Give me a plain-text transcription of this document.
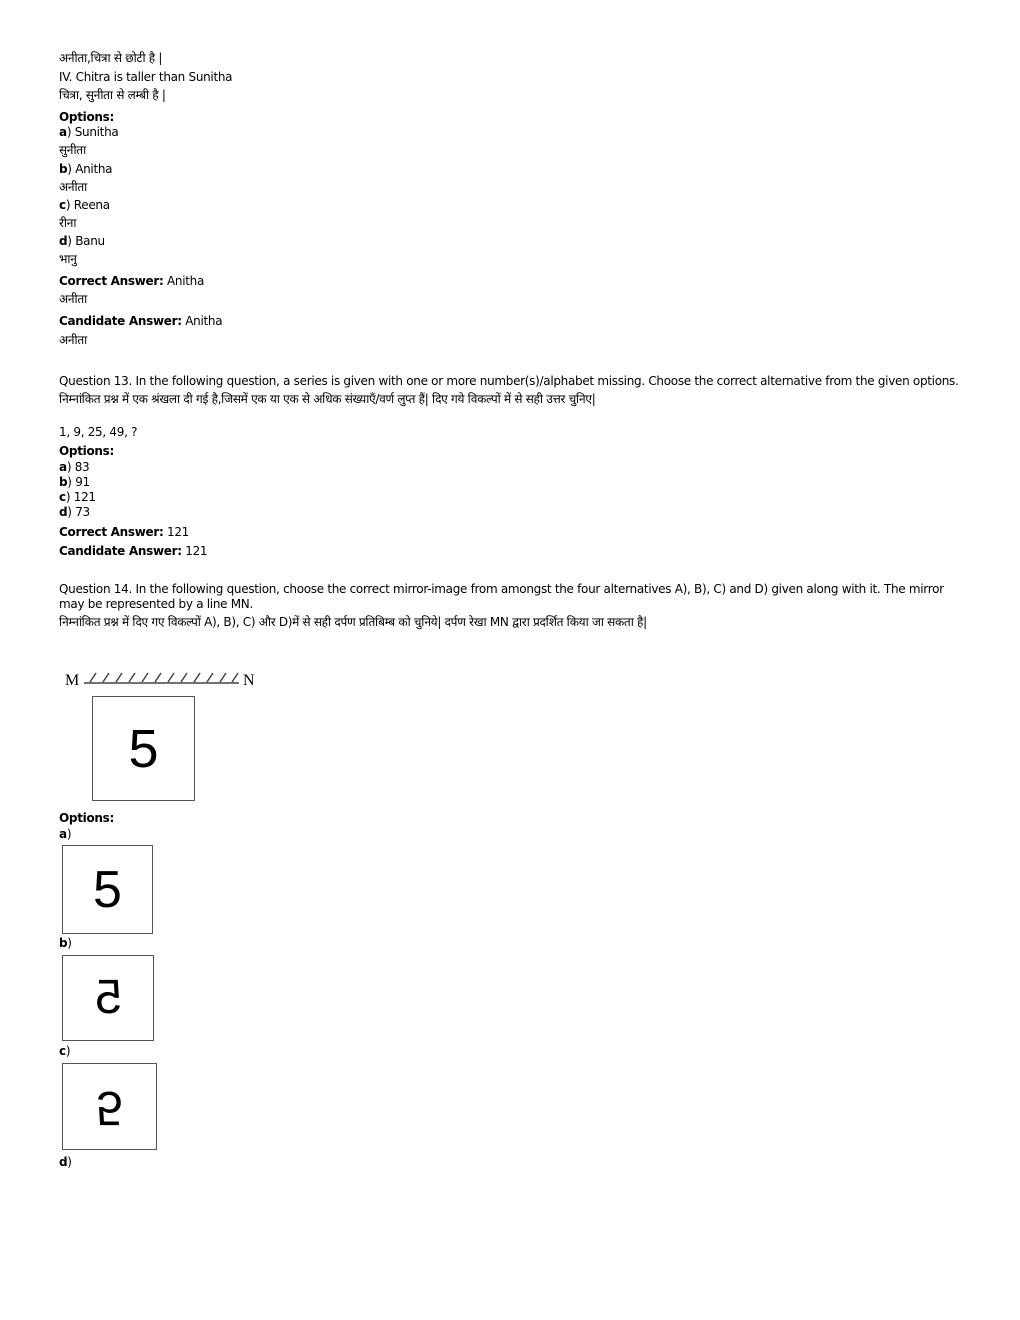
अनीता,चित्रा से छोटी है |
IV. Chitra is taller than Sunitha
चित्रा, सुनीता से लम्बी है |
Options:
a) Sunitha
सुनीता
b) Anitha
अनीता
c) Reena
रीना
d) Banu
भानु
Correct Answer: Anitha
अनीता
Candidate Answer: Anitha
अनीता
Question 13. In the following question, a series is given with one or more number(s)/alphabet missing. Choose the correct alternative from the given options.
निम्नांकित प्रश्न में एक श्रंखला दी गई है,जिसमें एक या एक से अधिक संख्याएँ/वर्ण लुप्त हैं| दिए गये विकल्पों में से सही उत्तर चुनिए|
1, 9, 25, 49, ?
Options:
a) 83
b) 91
c) 121
d) 73
Correct Answer: 121
Candidate Answer: 121
Question 14. In the following question, choose the correct mirror-image from amongst the four alternatives A), B), C) and D) given along with it. The mirror may be represented by a line MN.
निम्नांकित प्रश्न में दिए गए विकल्पों A), B), C) और D)में से सही दर्पण प्रतिबिम्ब को चुनिये| दर्पण रेखा MN द्वारा प्रदर्शित किया जा सकता है|
M	N
5
Options:
a)
5
b)
5
c)
5
d)
